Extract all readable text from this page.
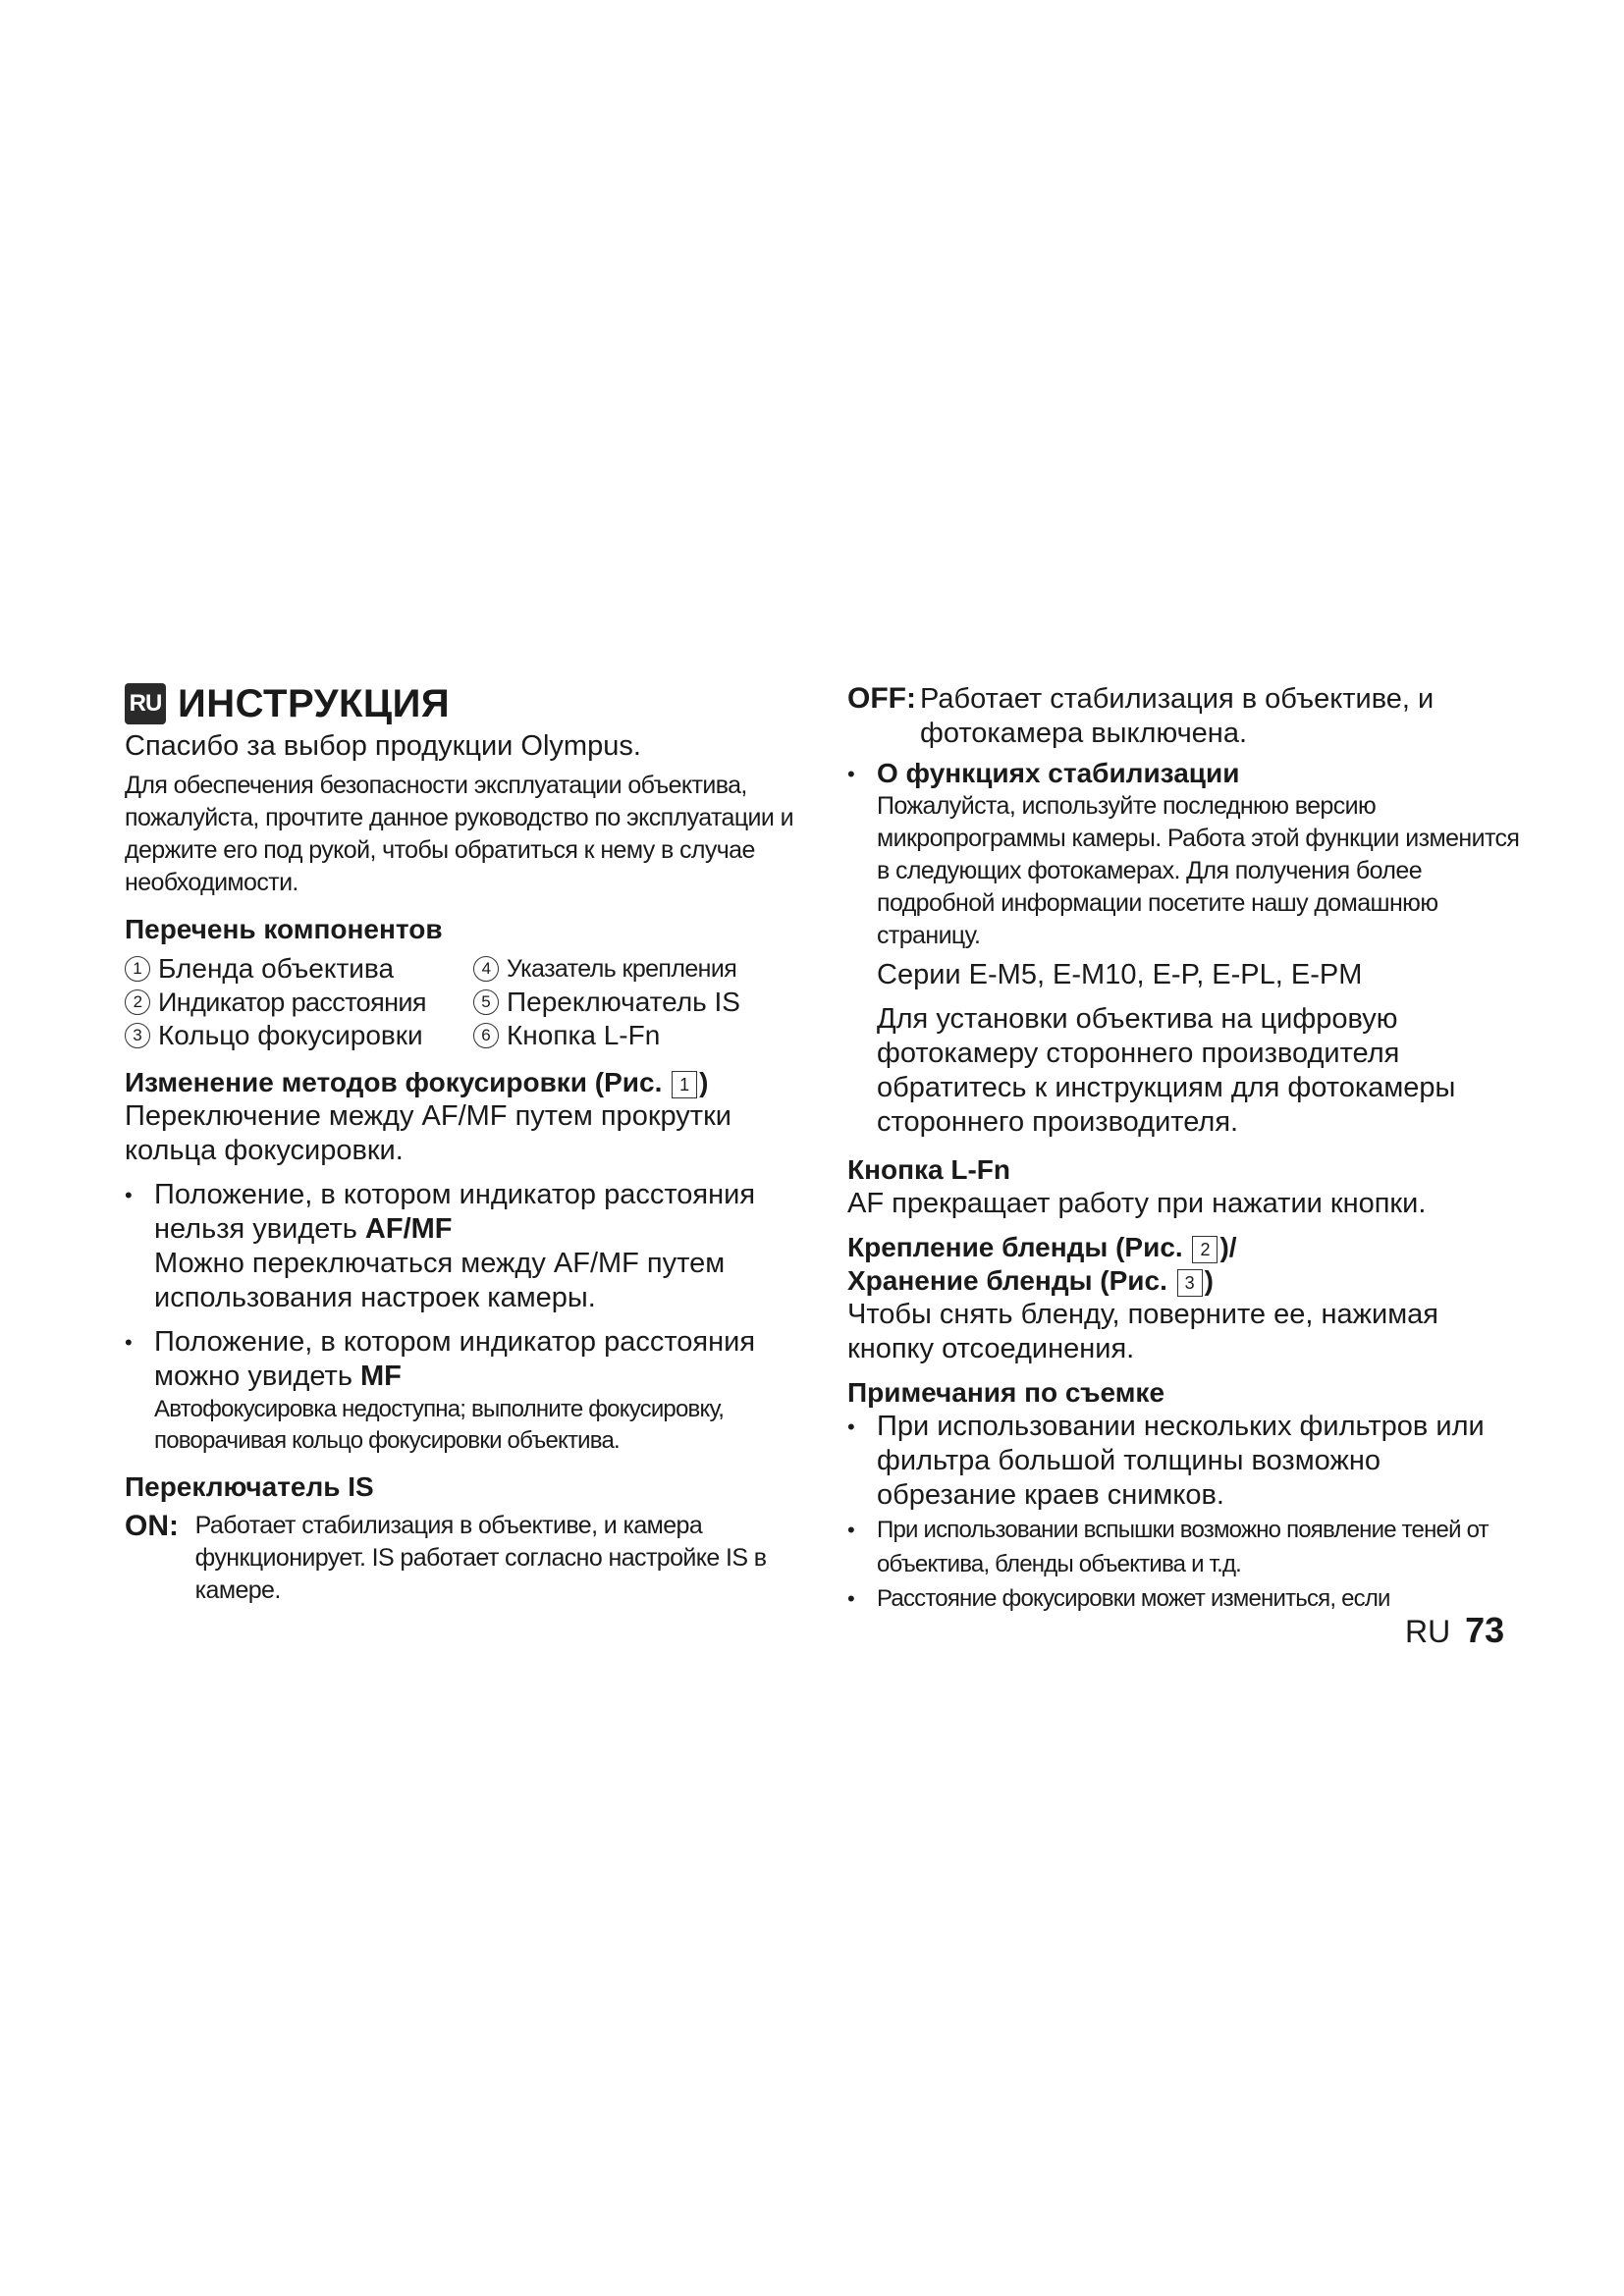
RU ИНСТРУКЦИЯ

Спасибо за выбор продукции Olympus.

Для обеспечения безопасности эксплуатации объектива, пожалуйста, прочтите данное руководство по эксплуатации и держите его под рукой, чтобы обратиться к нему в случае необходимости.

Перечень компонентов

1 Бленда объектива	4 Указатель крепления
2 Индикатор расстояния	5 Переключатель IS
3 Кольцо фокусировки	6 Кнопка L-Fn

Изменение методов фокусировки (Рис. 1 )

Переключение между AF/MF путем прокрутки кольца фокусировки.

• Положение, в котором индикатор расстояния нельзя увидеть AF/MF

Можно переключаться между AF/MF путем использования настроек камеры.

• Положение, в котором индикатор расстояния можно увидеть MF

Автофокусировка недоступна; выполните фокусировку, поворачивая кольцо фокусировки объектива.

Переключатель IS

ON: Работает стабилизация в объективе, и камера функционирует. IS работает согласно настройке IS в камере.

OFF: Работает стабилизация в объективе, и фотокамера выключена.

• О функциях стабилизации

Пожалуйста, используйте последнюю версию микропрограммы камеры. Работа этой функции изменится в следующих фотокамерах. Для получения более подробной информации посетите нашу домашнюю страницу.

Серии E-M5, E-M10, E-P, E-PL, E-PM

Для установки объектива на цифровую фотокамеру стороннего производителя обратитесь к инструкциям для фотокамеры стороннего производителя.

Кнопка L-Fn

AF прекращает работу при нажатии кнопки.

Крепление бленды (Рис. 2 )/

Хранение бленды (Рис. 3 )

Чтобы снять бленду, поверните ее, нажимая кнопку отсоединения.

Примечания по съемке

• При использовании нескольких фильтров или фильтра большой толщины возможно обрезание краев снимков.

• При использовании вспышки возможно появление теней от объектива, бленды объектива и т.д.

• Расстояние фокусировки может измениться, если

RU 73
